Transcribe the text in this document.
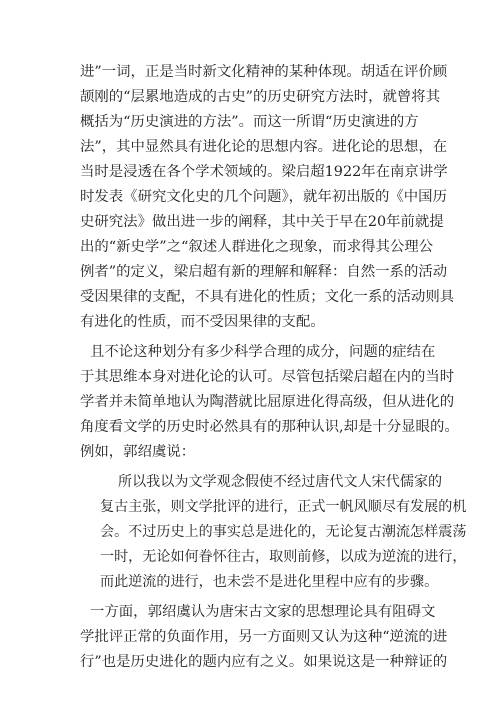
进”一词，正是当时新文化精神的某种体现。胡适在评价顾
颉刚的“层累地造成的古史”的历史研究方法时，就曾将其
概括为“历史演进的方法”。而这一所谓“历史演进的方
法”，其中显然具有进化论的思想内容。进化论的思想，在
当时是浸透在各个学术领域的。梁启超1922年在南京讲学
时发表《研究文化史的几个问题》，就年初出版的《中国历
史研究法》做出进一步的阐释，其中关于早在20年前就提
出的“新史学”之“叙述人群进化之现象，而求得其公理公
例者”的定义，梁启超有新的理解和解释：自然一系的活动
受因果律的支配，不具有进化的性质；文化一系的活动则具
有进化的性质，而不受因果律的支配。
且不论这种划分有多少科学合理的成分，问题的症结在
于其思维本身对进化论的认可。尽管包括梁启超在内的当时
学者并未简单地认为陶潜就比屈原进化得高级，但从进化的
角度看文学的历史时必然具有的那种认识,却是十分显眼的。
例如，郭绍虞说：
所以我以为文学观念假使不经过唐代文人宋代儒家的
复古主张，则文学批评的进行，正式一帆风顺尽有发展的机
会。不过历史上的事实总是进化的，无论复古潮流怎样震荡
一时，无论如何眷怀往古，取则前修，以成为逆流的进行，
而此逆流的进行，也未尝不是进化里程中应有的步骤。
一方面，郭绍虞认为唐宋古文家的思想理论具有阻碍文
学批评正常的负面作用，另一方面则又认为这种“逆流的进
行”也是历史进化的题内应有之义。如果说这是一种辩证的
